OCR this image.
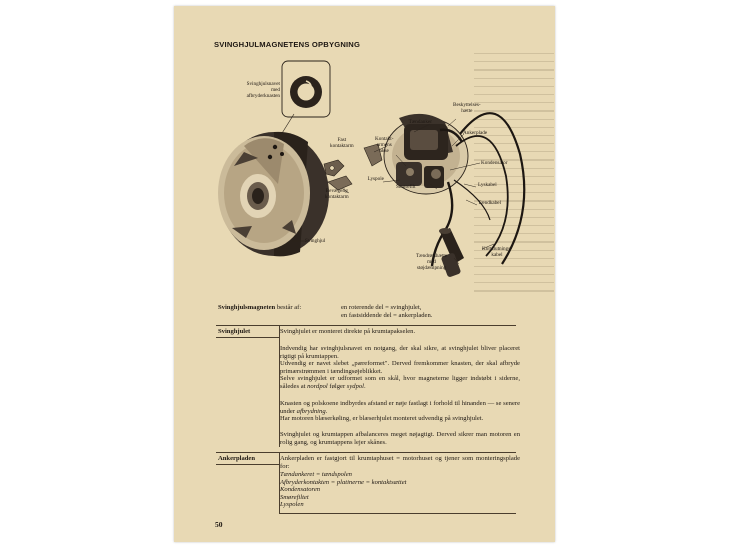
SVINGHJULMAGNETENS OPBYGNING
Svinghjulsnavet
med
afbryderknasten
Beskyttelses-
hætte
Tændanker
Ankerplade
Fast
kontaktarm
Kontakt-
armens
akse
Kondensator
Lyspole
Smørefilt	Lyskabel
Bevægelig
kontaktarm
Tændkabel
Svinghjul
Tændrørshætte
med
støjdæmpning
Kortslutnings-
kabel
Svinghjulsmagneten består af:	en roterende del = svinghjulet,
en fastsiddende del = ankerpladen.
Svinghjulet	Svinghjulet er monteret direkte på krumtapakselen.
Indvendig har svinghjulsnavet en notgang, der skal sikre, at svinghjulet bliver placeret rigtigt på krumtappen.
Udvendig er navet slebet „pæreformet". Derved fremkommer knasten, der skal afbryde primærstrømmen i tændingsøjeblikket.
Selve svinghjulet er udformet som en skål, hvor magneterne ligger indstøbt i siderne, således at nordpol følger sydpol.
Knasten og polskoene indbyrdes afstand er nøje fastlagt i forhold til hinanden — se senere under afbrydning.
Har motoren blæserkøling, er blæserhjulet monteret udvendig på svinghjulet.
Svinghjulet og krumtappen afbalanceres meget nøjagtigt. Derved sikrer man motoren en rolig gang, og krumtappens lejer skånes.
Ankerpladen	Ankerpladen er fastgjort til krumtaphuset = motorhuset og tjener som monteringsplade for:
Tændankeret = tændspolen
Afbryderkontakten = platinerne = kontaktsættet
Kondensatoren
Smørefiltet
Lyspolen
50
